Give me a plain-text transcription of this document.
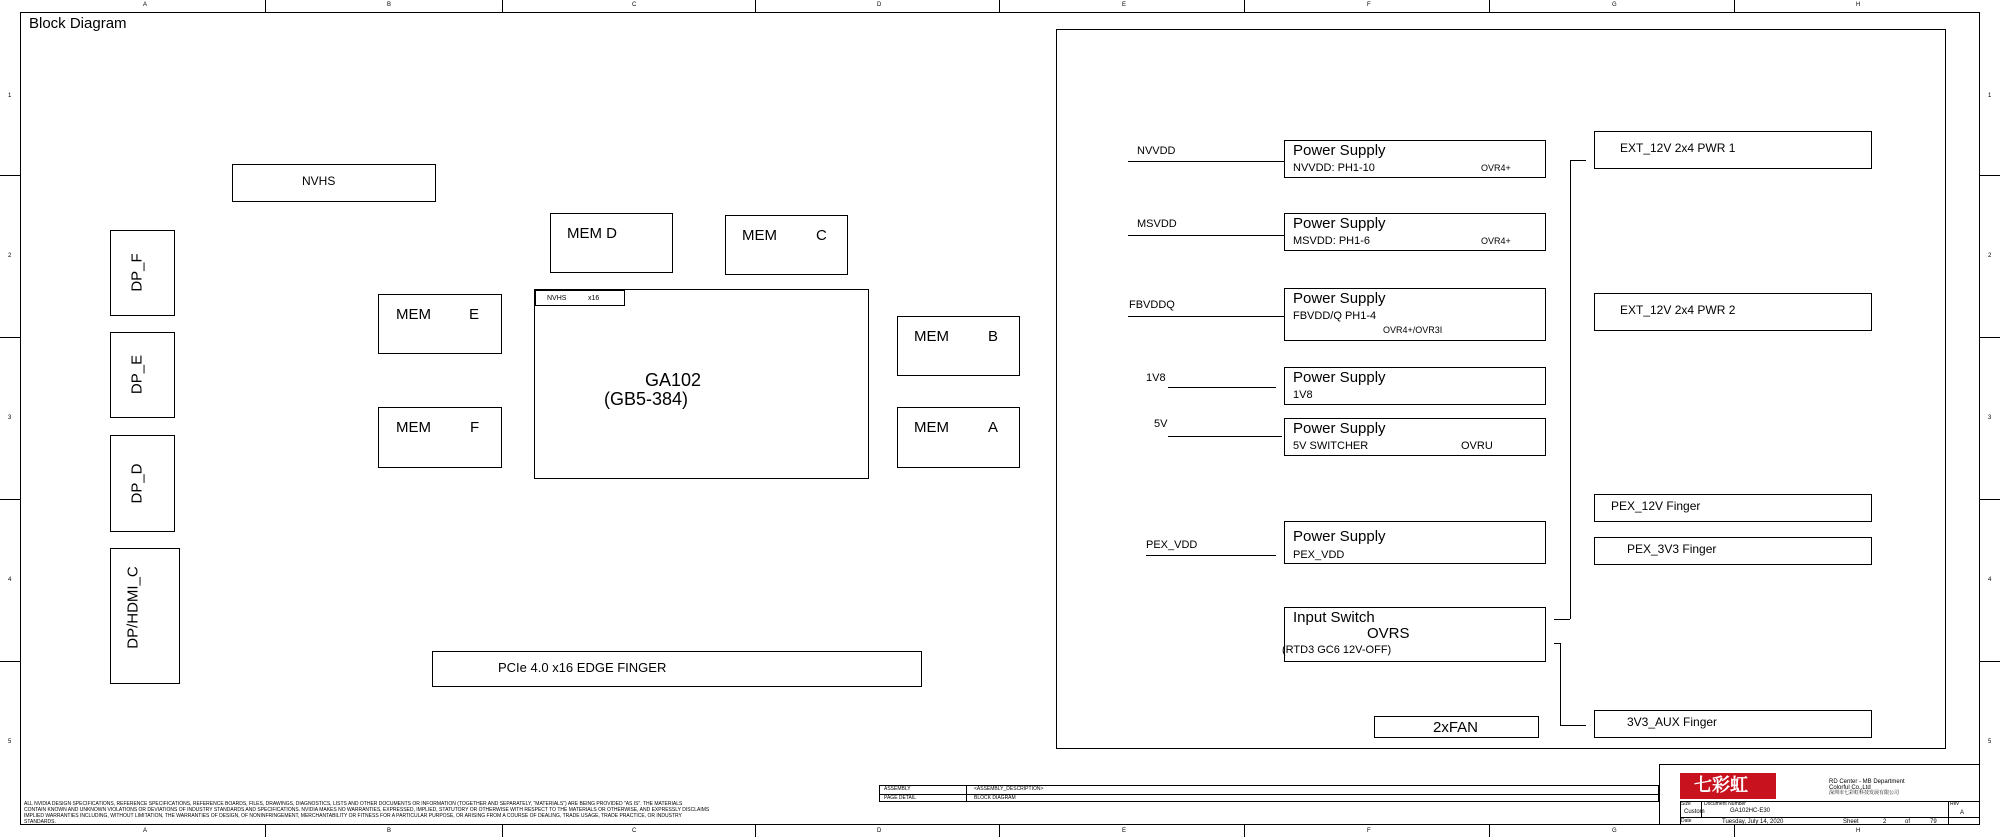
A	B	C	D	E	F	G	H
A	B	C	D	E	F	G	H
1
2
3
4
5
1
2
3
4
5
Block Diagram
NVHS
DP_F
DP_E
DP_D
DP/HDMI_C
MEM D	MEM	C
MEM	E
MEM	F
MEM	B
MEM	A
NVHS	x16
GA102
(GB5-384)
PCIe 4.0 x16 EDGE FINGER
NVVDD
MSVDD
FBVDDQ
1V8
5V
PEX_VDD
Power Supply
NVVDD: PH1-10	OVR4+
Power Supply
MSVDD: PH1-6	OVR4+
Power Supply
FBVDD/Q PH1-4
OVR4+/OVR3I
Power Supply
1V8
Power Supply
5V SWITCHER	OVRU
Power Supply
PEX_VDD
Input Switch
OVRS
(RTD3 GC6 12V-OFF)
2xFAN
EXT_12V 2x4 PWR 1
EXT_12V 2x4 PWR 2
PEX_12V Finger
PEX_3V3 Finger
3V3_AUX Finger
ALL NVIDIA DESIGN SPECIFICATIONS, REFERENCE SPECIFICATIONS, REFERENCE BOARDS, FILES, DRAWINGS, DIAGNOSTICS, LISTS AND OTHER DOCUMENTS OR INFORMATION (TOGETHER AND SEPARATELY, "MATERIALS") ARE BEING PROVIDED "AS IS". THE MATERIALS
CONTAIN KNOWN AND UNKNOWN VIOLATIONS OR DEVIATIONS OF INDUSTRY STANDARDS AND SPECIFICATIONS. NVIDIA MAKES NO WARRANTIES, EXPRESSED, IMPLIED, STATUTORY OR OTHERWISE WITH RESPECT TO THE MATERIALS OR OTHERWISE, AND EXPRESSLY DISCLAIMS
IMPLIED WARRANTIES INCLUDING, WITHOUT LIMITATION, THE WARRANTIES OF DESIGN, OF NONINFRINGEMENT, MERCHANTABILITY OR FITNESS FOR A PARTICULAR PURPOSE, OR ARISING FROM A COURSE OF DEALING, TRADE USAGE, TRADE PRACTICE, OR INDUSTRY
STANDARDS.
ASSEMBLY	<ASSEMBLY_DESCRIPTION>
PAGE DETAIL	BLOCK DIAGRAM
七彩虹	RD Center - MB Department
Colorful Co.,Ltd
深圳市七彩虹科技发展有限公司
Size
Custom
Document Number
GA102HC-E30
Rev
A
Date	Tuesday, July 14, 2020	Sheet	2	of	79
